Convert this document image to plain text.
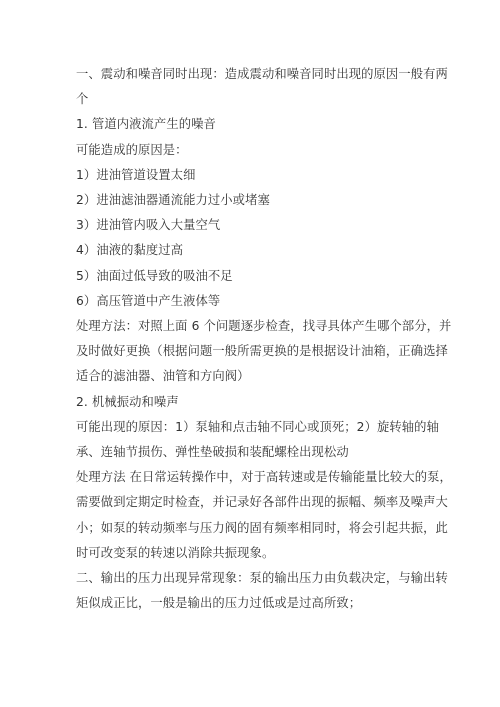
一、震动和噪音同时出现：造成震动和噪音同时出现的原因一般有两
个
1. 管道内液流产生的噪音
可能造成的原因是：
1）进油管道设置太细
2）进油滤油器通流能力过小或堵塞
3）进油管内吸入大量空气
4）油液的黏度过高
5）油面过低导致的吸油不足
6）高压管道中产生液体等
处理方法：对照上面 6 个问题逐步检查，找寻具体产生哪个部分，并
及时做好更换（根据问题一般所需更换的是根据设计油箱，正确选择
适合的滤油器、油管和方向阀）
2. 机械振动和噪声
可能出现的原因：1）泵轴和点击轴不同心或顶死；2）旋转轴的轴
承、连轴节损伤、弹性垫破损和装配螺栓出现松动
处理方法 在日常运转操作中，对于高转速或是传输能量比较大的泵，
需要做到定期定时检查，并记录好各部件出现的振幅、频率及噪声大
小；如泵的转动频率与压力阀的固有频率相同时，将会引起共振，此
时可改变泵的转速以消除共振现象。
二、输出的压力出现异常现象：泵的输出压力由负载决定，与输出转
矩似成正比，一般是输出的压力过低或是过高所致；
